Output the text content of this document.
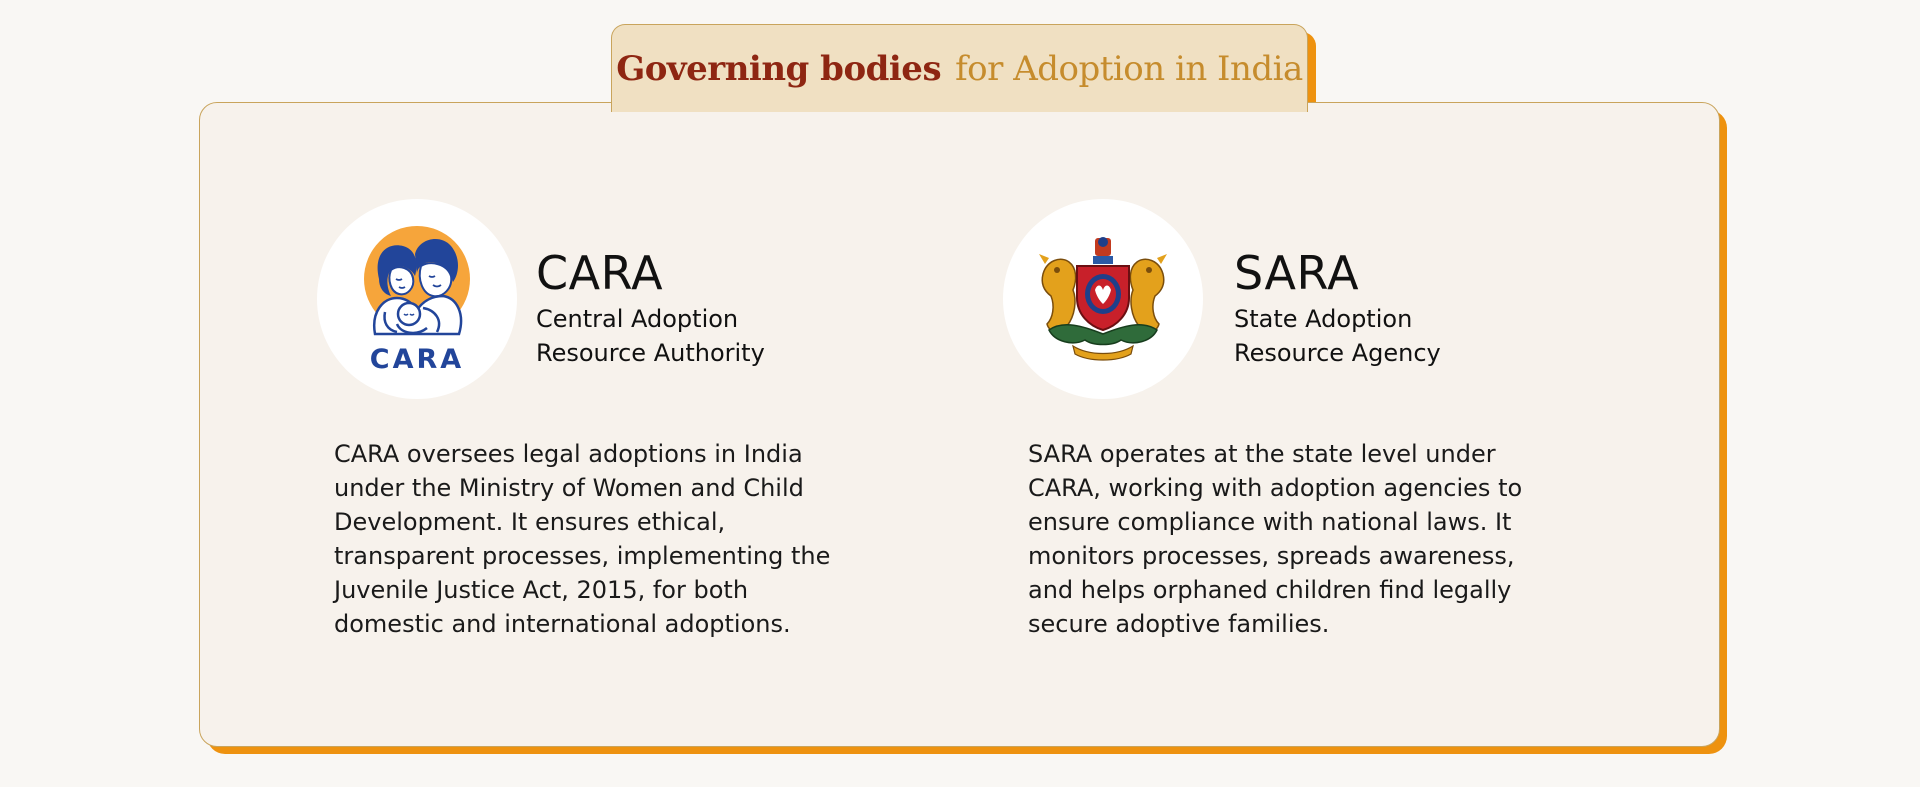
Governing bodies for Adoption in India
CARA
CARA
Central Adoption
Resource Authority
CARA oversees legal adoptions in India under the Ministry of Women and Child Development. It ensures ethical, transparent processes, implementing the Juvenile Justice Act, 2015, for both domestic and international adoptions.
SARA
State Adoption
Resource Agency
SARA operates at the state level under CARA, working with adoption agencies to ensure compliance with national laws. It monitors processes, spreads awareness, and helps orphaned children find legally secure adoptive families.
